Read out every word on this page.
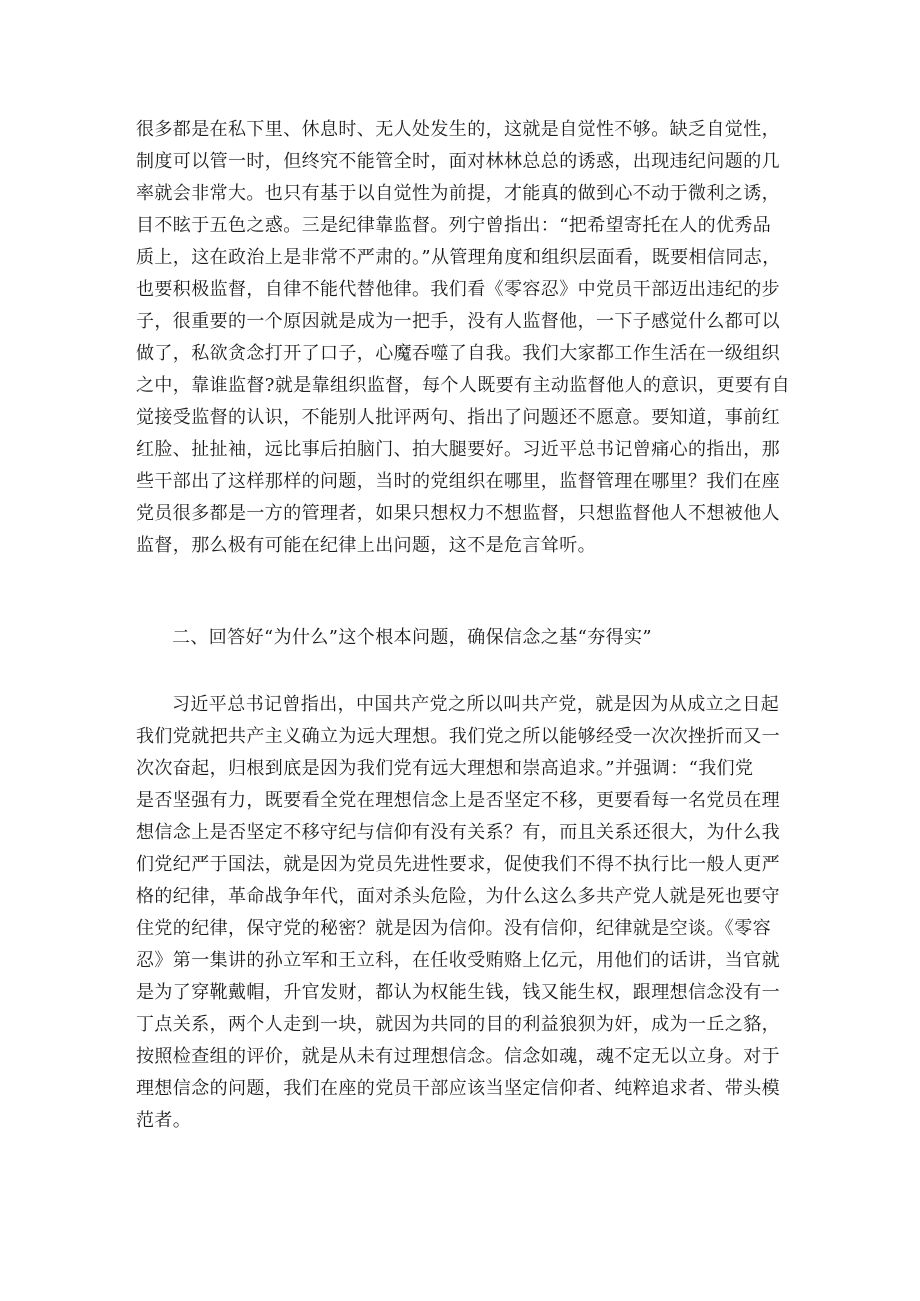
很多都是在私下里、休息时、无人处发生的，这就是自觉性不够。缺乏自觉性，
制度可以管一时，但终究不能管全时，面对林林总总的诱惑，出现违纪问题的几
率就会非常大。也只有基于以自觉性为前提，才能真的做到心不动于微利之诱，
目不眩于五色之惑。三是纪律靠监督。列宁曾指出：“把希望寄托在人的优秀品
质上，这在政治上是非常不严肃的。”从管理角度和组织层面看，既要相信同志，
也要积极监督，自律不能代替他律。我们看《零容忍》中党员干部迈出违纪的步
子，很重要的一个原因就是成为一把手，没有人监督他，一下子感觉什么都可以
做了，私欲贪念打开了口子，心魔吞噬了自我。我们大家都工作生活在一级组织
之中，靠谁监督?就是靠组织监督，每个人既要有主动监督他人的意识，更要有自
觉接受监督的认识，不能别人批评两句、指出了问题还不愿意。要知道，事前红
红脸、扯扯袖，远比事后拍脑门、拍大腿要好。习近平总书记曾痛心的指出，那
些干部出了这样那样的问题，当时的党组织在哪里，监督管理在哪里？我们在座
党员很多都是一方的管理者，如果只想权力不想监督，只想监督他人不想被他人
监督，那么极有可能在纪律上出问题，这不是危言耸听。
二、回答好“为什么”这个根本问题，确保信念之基“夯得实”
习近平总书记曾指出，中国共产党之所以叫共产党，就是因为从成立之日起
我们党就把共产主义确立为远大理想。我们党之所以能够经受一次次挫折而又一
次次奋起，归根到底是因为我们党有远大理想和崇高追求。”并强调：“我们党
是否坚强有力，既要看全党在理想信念上是否坚定不移，更要看每一名党员在理
想信念上是否坚定不移守纪与信仰有没有关系？有，而且关系还很大，为什么我
们党纪严于国法，就是因为党员先进性要求，促使我们不得不执行比一般人更严
格的纪律，革命战争年代，面对杀头危险，为什么这么多共产党人就是死也要守
住党的纪律，保守党的秘密？就是因为信仰。没有信仰，纪律就是空谈。《零容
忍》第一集讲的孙立军和王立科，在任收受贿赂上亿元，用他们的话讲，当官就
是为了穿靴戴帽，升官发财，都认为权能生钱，钱又能生权，跟理想信念没有一
丁点关系，两个人走到一块，就因为共同的目的利益狼狈为奸，成为一丘之貉，
按照检查组的评价，就是从未有过理想信念。信念如魂，魂不定无以立身。对于
理想信念的问题，我们在座的党员干部应该当坚定信仰者、纯粹追求者、带头模
范者。
